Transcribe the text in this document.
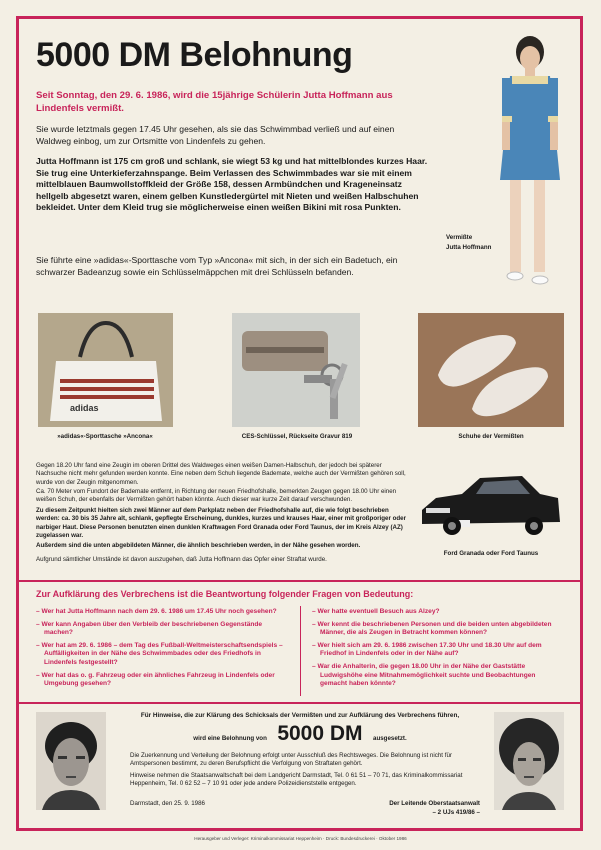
5000 DM Belohnung
Seit Sonntag, den 29. 6. 1986, wird die 15jährige Schülerin Jutta Hoffmann aus Lindenfels vermißt.
Sie wurde letztmals gegen 17.45 Uhr gesehen, als sie das Schwimmbad verließ und auf einen Waldweg einbog, um zur Ortsmitte von Lindenfels zu gehen.
Jutta Hoffmann ist 175 cm groß und schlank, sie wiegt 53 kg und hat mittelblondes kurzes Haar. Sie trug eine Unterkieferzahnspange. Beim Verlassen des Schwimmbades war sie mit einem mittelblauen Baumwollstoffkleid der Größe 158, dessen Armbündchen und Krageneinsatz hellgelb abgesetzt waren, einem gelben Kunstledergürtel mit Nieten und weißen Halbschuhen bekleidet. Unter dem Kleid trug sie möglicherweise einen weißen Bikini mit rosa Punkten.
Sie führte eine »adidas«-Sporttasche vom Typ »Ancona« mit sich, in der sich ein Badetuch, ein schwarzer Badeanzug sowie ein Schlüsselmäppchen mit drei Schlüsseln befanden.
Vermißte
Jutta Hoffmann
adidas
»adidas«-Sporttasche »Ancona«	CES-Schlüssel, Rückseite Gravur 819	Schuhe der Vermißten
Gegen 18.20 Uhr fand eine Zeugin im oberen Drittel des Waldweges einen weißen Damen-Halbschuh, der jedoch bei späterer Nachsuche nicht mehr gefunden werden konnte. Eine neben dem Schuh liegende Bademate, welche auch der Vermißten gehören soll, wurde von der Zeugin mitgenommen.
Ca. 70 Meter vom Fundort der Bademate entfernt, in Richtung der neuen Friedhofshalle, bemerkten Zeugen gegen 18.00 Uhr einen weißen Schuh, der ebenfalls der Vermißten gehört haben könnte. Auch dieser war kurze Zeit darauf verschwunden.
Zu diesem Zeitpunkt hielten sich zwei Männer auf dem Parkplatz neben der Friedhofshalle auf, die wie folgt beschrieben werden: ca. 30 bis 35 Jahre alt, schlank, gepflegte Erscheinung, dunkles, kurzes und krauses Haar, einer mit großporiger oder narbiger Haut. Diese Personen benutzten einen dunklen Kraftwagen Ford Granada oder Ford Taunus, der im Kreis Alzey (AZ) zugelassen war.
Außerdem sind die unten abgebildeten Männer, die ähnlich beschrieben werden, in der Nähe gesehen worden.
Aufgrund sämtlicher Umstände ist davon auszugehen, daß Jutta Hoffmann das Opfer einer Straftat wurde.
Ford Granada oder Ford Taunus
Zur Aufklärung des Verbrechens ist die Beantwortung folgender Fragen von Bedeutung:
– Wer hat Jutta Hoffmann nach dem 29. 6. 1986 um 17.45 Uhr noch gesehen?
– Wer kann Angaben über den Verbleib der beschriebenen Gegenstände machen?
– Wer hat am 29. 6. 1986 – dem Tag des Fußball-Weltmeisterschaftsendspiels – Auffälligkeiten in der Nähe des Schwimmbades oder des Friedhofs in Lindenfels festgestellt?
– Wer hat das o. g. Fahrzeug oder ein ähnliches Fahrzeug in Lindenfels oder Umgebung gesehen?
– Wer hatte eventuell Besuch aus Alzey?
– Wer kennt die beschriebenen Personen und die beiden unten abgebildeten Männer, die als Zeugen in Betracht kommen können?
– Wer hielt sich am 29. 6. 1986 zwischen 17.30 Uhr und 18.30 Uhr auf dem Friedhof in Lindenfels oder in der Nähe auf?
– War die Anhalterin, die gegen 18.00 Uhr in der Nähe der Gaststätte Ludwigshöhe eine Mitnahmemöglichkeit suchte und Beobachtungen gemacht haben könnte?
Für Hinweise, die zur Klärung des Schicksals der Vermißten und zur Aufklärung des Verbrechens führen,
wird eine Belohnung von 5000 DM ausgesetzt.
Die Zuerkennung und Verteilung der Belohnung erfolgt unter Ausschluß des Rechtsweges. Die Belohnung ist nicht für Amtspersonen bestimmt, zu deren Berufspflicht die Verfolgung von Straftaten gehört.
Hinweise nehmen die Staatsanwaltschaft bei dem Landgericht Darmstadt, Tel. 0 61 51 – 70 71, das Kriminalkommissariat Heppenheim, Tel. 0 62 52 – 7 10 91 oder jede andere Polizeidienststelle entgegen.
Darmstadt, den 25. 9. 1986	Der Leitende Oberstaatsanwalt
– 2 UJs 419/86 –
Herausgeber und Verleger: Kriminalkommissariat Heppenheim · Druck: Bundesdruckerei · Oktober 1986
